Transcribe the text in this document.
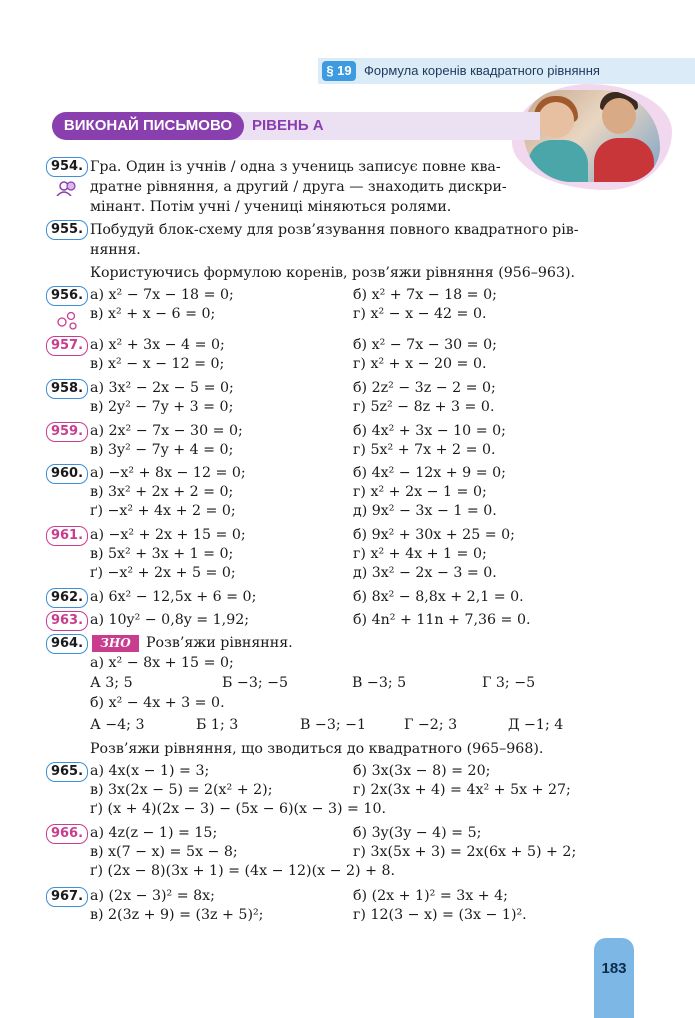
§ 19 Формула коренів квадратного рівняння
ВИКОНАЙ ПИСЬМОВО	РІВЕНЬ А
954. Гра. Один із учнів / одна з учениць записує повне ква-
дратне рівняння, а другий / друга — знаходить дискри-
мінант. Потім учні / учениці міняються ролями.
955. Побудуй блок-схему для розв’язування повного квадратного рів-
няння.
Користуючись формулою коренів, розв’яжи рівняння (956–963).
956. а) x² − 7x − 18 = 0;	б) x² + 7x − 18 = 0;
в) x² + x − 6 = 0;	г) x² − x − 42 = 0.
957. а) x² + 3x − 4 = 0;	б) x² − 7x − 30 = 0;
в) x² − x − 12 = 0;	г) x² + x − 20 = 0.
958. а) 3x² − 2x − 5 = 0;	б) 2z² − 3z − 2 = 0;
в) 2y² − 7y + 3 = 0;	г) 5z² − 8z + 3 = 0.
959. а) 2x² − 7x − 30 = 0;	б) 4x² + 3x − 10 = 0;
в) 3y² − 7y + 4 = 0;	г) 5x² + 7x + 2 = 0.
960. а) −x² + 8x − 12 = 0;	б) 4x² − 12x + 9 = 0;
в) 3x² + 2x + 2 = 0;	г) x² + 2x − 1 = 0;
ґ) −x² + 4x + 2 = 0;	д) 9x² − 3x − 1 = 0.
961. а) −x² + 2x + 15 = 0;	б) 9x² + 30x + 25 = 0;
в) 5x² + 3x + 1 = 0;	г) x² + 4x + 1 = 0;
ґ) −x² + 2x + 5 = 0;	д) 3x² − 2x − 3 = 0.
962. а) 6x² − 12,5x + 6 = 0;	б) 8x² − 8,8x + 2,1 = 0.
963. а) 10y² − 0,8y = 1,92;	б) 4n² + 11n + 7,36 = 0.
964.	ЗНО	Розв’яжи рівняння.
а) x² − 8x + 15 = 0;
А 3; 5	Б −3; −5	В −3; 5	Г 3; −5
б) x² − 4x + 3 = 0.
А −4; 3	Б 1; 3	В −3; −1	Г −2; 3	Д −1; 4
Розв’яжи рівняння, що зводиться до квадратного (965–968).
965. а) 4x(x − 1) = 3;	б) 3x(3x − 8) = 20;
в) 3x(2x − 5) = 2(x² + 2);	г) 2x(3x + 4) = 4x² + 5x + 27;
ґ) (x + 4)(2x − 3) − (5x − 6)(x − 3) = 10.
966. а) 4z(z − 1) = 15;	б) 3y(3y − 4) = 5;
в) x(7 − x) = 5x − 8;	г) 3x(5x + 3) = 2x(6x + 5) + 2;
ґ) (2x − 8)(3x + 1) = (4x − 12)(x − 2) + 8.
967. а) (2x − 3)² = 8x;	б) (2x + 1)² = 3x + 4;
в) 2(3z + 9) = (3z + 5)²;	г) 12(3 − x) = (3x − 1)².
183
